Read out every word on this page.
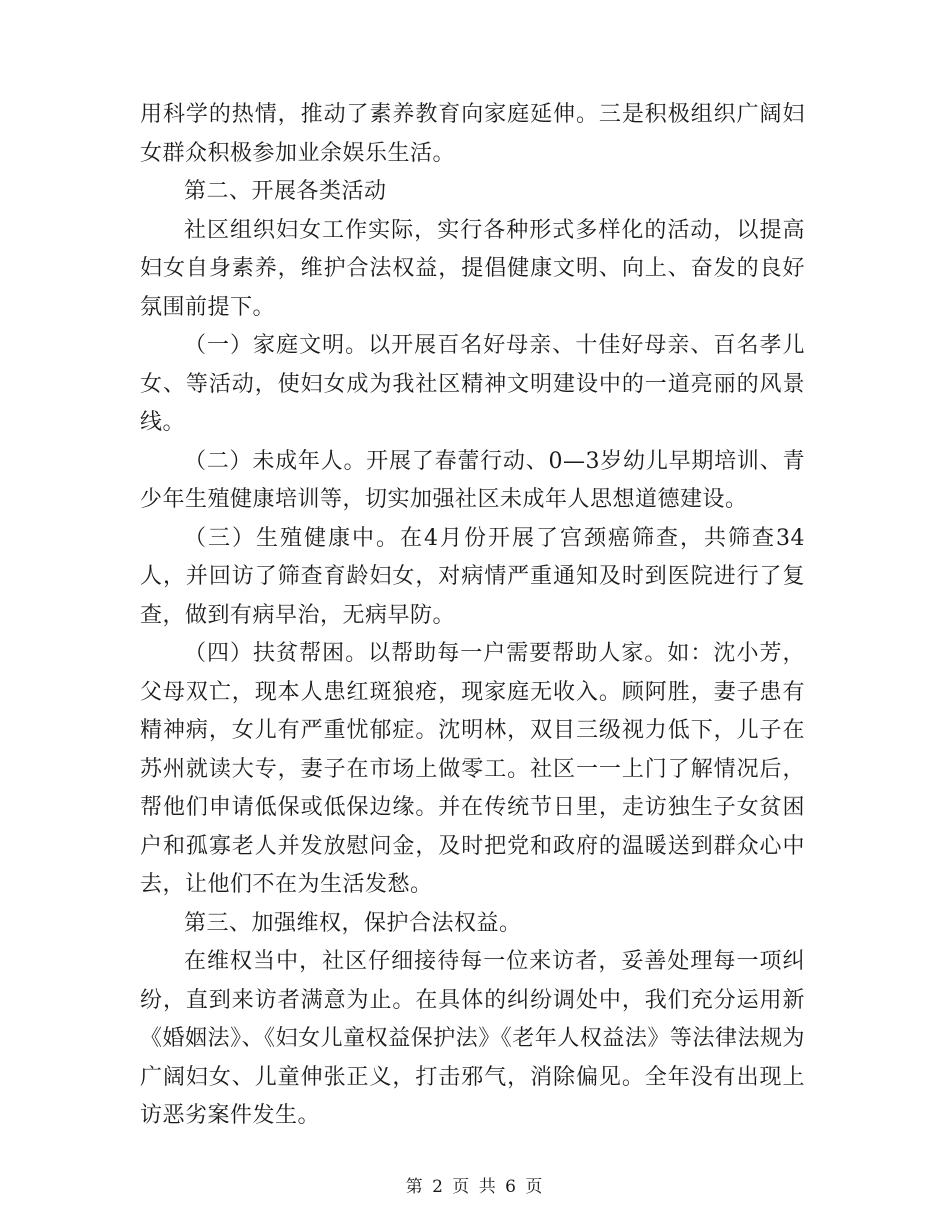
用科学的热情，推动了素养教育向家庭延伸。三是积极组织广阔妇女群众积极参加业余娱乐生活。

第二、开展各类活动

社区组织妇女工作实际，实行各种形式多样化的活动，以提高妇女自身素养，维护合法权益，提倡健康文明、向上、奋发的良好氛围前提下。

（一）家庭文明。以开展百名好母亲、十佳好母亲、百名孝儿女、等活动，使妇女成为我社区精神文明建设中的一道亮丽的风景线。

（二）未成年人。开展了春蕾行动、0—3岁幼儿早期培训、青少年生殖健康培训等，切实加强社区未成年人思想道德建设。

（三）生殖健康中。在4月份开展了宫颈癌筛查，共筛查34人，并回访了筛查育龄妇女，对病情严重通知及时到医院进行了复查，做到有病早治，无病早防。

（四）扶贫帮困。以帮助每一户需要帮助人家。如：沈小芳，父母双亡，现本人患红斑狼疮，现家庭无收入。顾阿胜，妻子患有精神病，女儿有严重忧郁症。沈明林，双目三级视力低下，儿子在苏州就读大专，妻子在市场上做零工。社区一一上门了解情况后，帮他们申请低保或低保边缘。并在传统节日里，走访独生子女贫困户和孤寡老人并发放慰问金，及时把党和政府的温暖送到群众心中去，让他们不在为生活发愁。

第三、加强维权，保护合法权益。

在维权当中，社区仔细接待每一位来访者，妥善处理每一项纠纷，直到来访者满意为止。在具体的纠纷调处中，我们充分运用新《婚姻法》、《妇女儿童权益保护法》《老年人权益法》等法律法规为广阔妇女、儿童伸张正义，打击邪气，消除偏见。全年没有出现上访恶劣案件发生。

第 2 页 共 6 页
